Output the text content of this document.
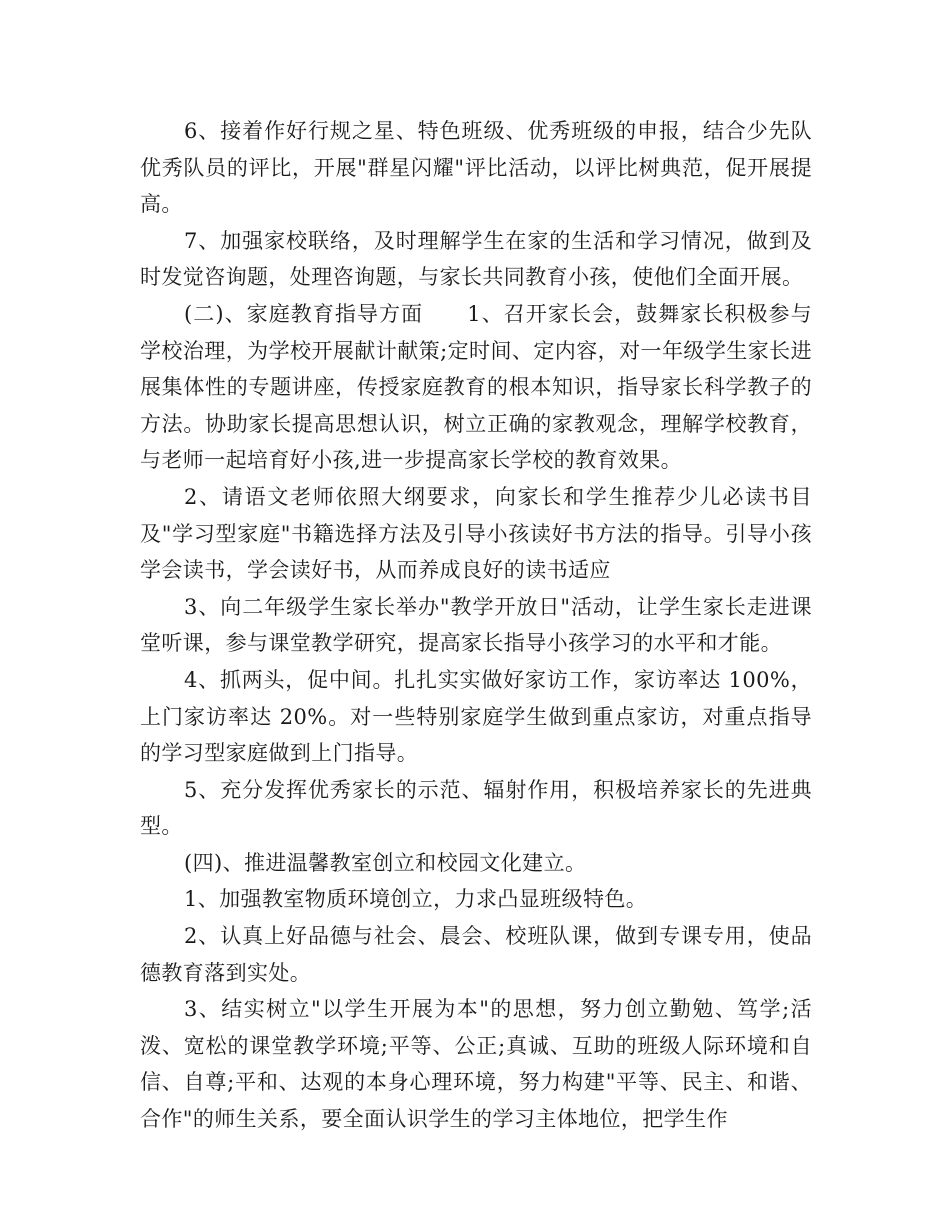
6、接着作好行规之星、特色班级、优秀班级的申报，结合少先队优秀队员的评比，开展"群星闪耀"评比活动，以评比树典范，促开展提高。

7、加强家校联络，及时理解学生在家的生活和学习情况，做到及时发觉咨询题，处理咨询题，与家长共同教育小孩，使他们全面开展。

(二)、家庭教育指导方面　　1、召开家长会，鼓舞家长积极参与学校治理，为学校开展献计献策;定时间、定内容，对一年级学生家长进展集体性的专题讲座，传授家庭教育的根本知识，指导家长科学教子的方法。协助家长提高思想认识，树立正确的家教观念，理解学校教育，与老师一起培育好小孩,进一步提高家长学校的教育效果。

2、请语文老师依照大纲要求，向家长和学生推荐少儿必读书目及"学习型家庭"书籍选择方法及引导小孩读好书方法的指导。引导小孩学会读书，学会读好书，从而养成良好的读书适应

3、向二年级学生家长举办"教学开放日"活动，让学生家长走进课堂听课，参与课堂教学研究，提高家长指导小孩学习的水平和才能。

4、抓两头，促中间。扎扎实实做好家访工作，家访率达 100%，上门家访率达 20%。对一些特别家庭学生做到重点家访，对重点指导的学习型家庭做到上门指导。

5、充分发挥优秀家长的示范、辐射作用，积极培养家长的先进典型。

(四)、推进温馨教室创立和校园文化建立。

1、加强教室物质环境创立，力求凸显班级特色。

2、认真上好品德与社会、晨会、校班队课，做到专课专用，使品德教育落到实处。

3、结实树立"以学生开展为本"的思想，努力创立勤勉、笃学;活泼、宽松的课堂教学环境;平等、公正;真诚、互助的班级人际环境和自信、自尊;平和、达观的本身心理环境，努力构建"平等、民主、和谐、合作"的师生关系，要全面认识学生的学习主体地位，把学生作
